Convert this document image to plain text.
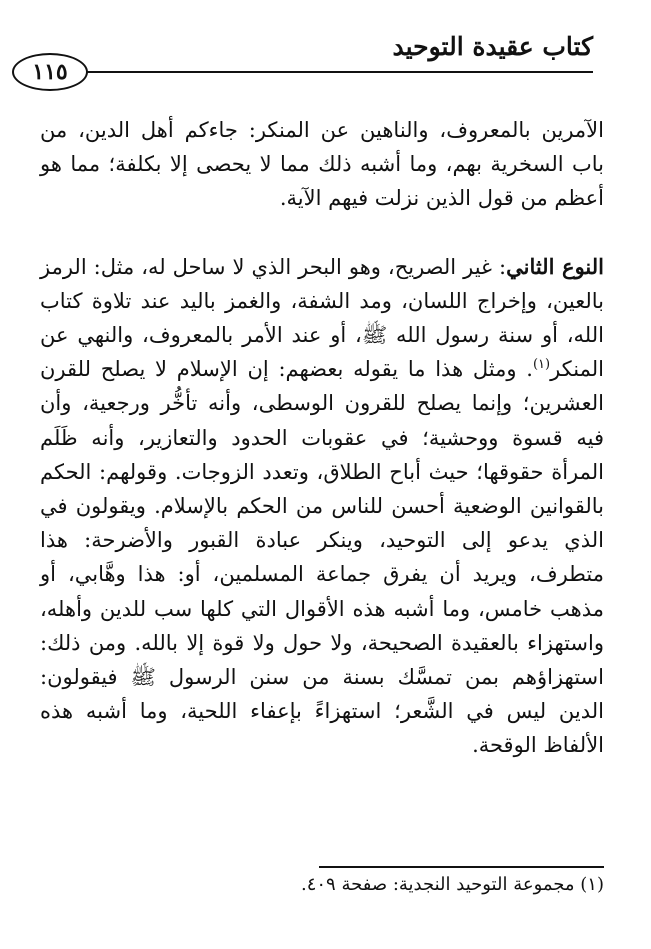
كتاب عقيدة التوحيد
١١٥

الآمرين بالمعروف، والناهين عن المنكر: جاءكم أهل الدين، من باب السخرية بهم، وما أشبه ذلك مما لا يحصى إلا بكلفة؛ مما هو أعظم من قول الذين نزلت فيهم الآية.

النوع الثاني: غير الصريح، وهو البحر الذي لا ساحل له، مثل: الرمز بالعين، وإخراج اللسان، ومد الشفة، والغمز باليد عند تلاوة كتاب الله، أو سنة رسول الله ﷺ، أو عند الأمر بالمعروف، والنهي عن المنكر$^{(١)}$. ومثل هذا ما يقوله بعضهم: إن الإسلام لا يصلح للقرن العشرين؛ وإنما يصلح للقرون الوسطى، وأنه تأخُّر ورجعية، وأن فيه قسوة ووحشية؛ في عقوبات الحدود والتعازير، وأنه ظَلَم المرأة حقوقها؛ حيث أباح الطلاق، وتعدد الزوجات. وقولهم: الحكم بالقوانين الوضعية أحسن للناس من الحكم بالإسلام. ويقولون في الذي يدعو إلى التوحيد، وينكر عبادة القبور والأضرحة: هذا متطرف، ويريد أن يفرق جماعة المسلمين، أو: هذا وهَّابي، أو مذهب خامس، وما أشبه هذه الأقوال التي كلها سب للدين وأهله، واستهزاء بالعقيدة الصحيحة، ولا حول ولا قوة إلا بالله. ومن ذلك: استهزاؤهم بمن تمسَّك بسنة من سنن الرسول ﷺ فيقولون: الدين ليس في الشَّعر؛ استهزاءً بإعفاء اللحية، وما أشبه هذه الألفاظ الوقحة.

(١) مجموعة التوحيد النجدية: صفحة ٤٠٩.
